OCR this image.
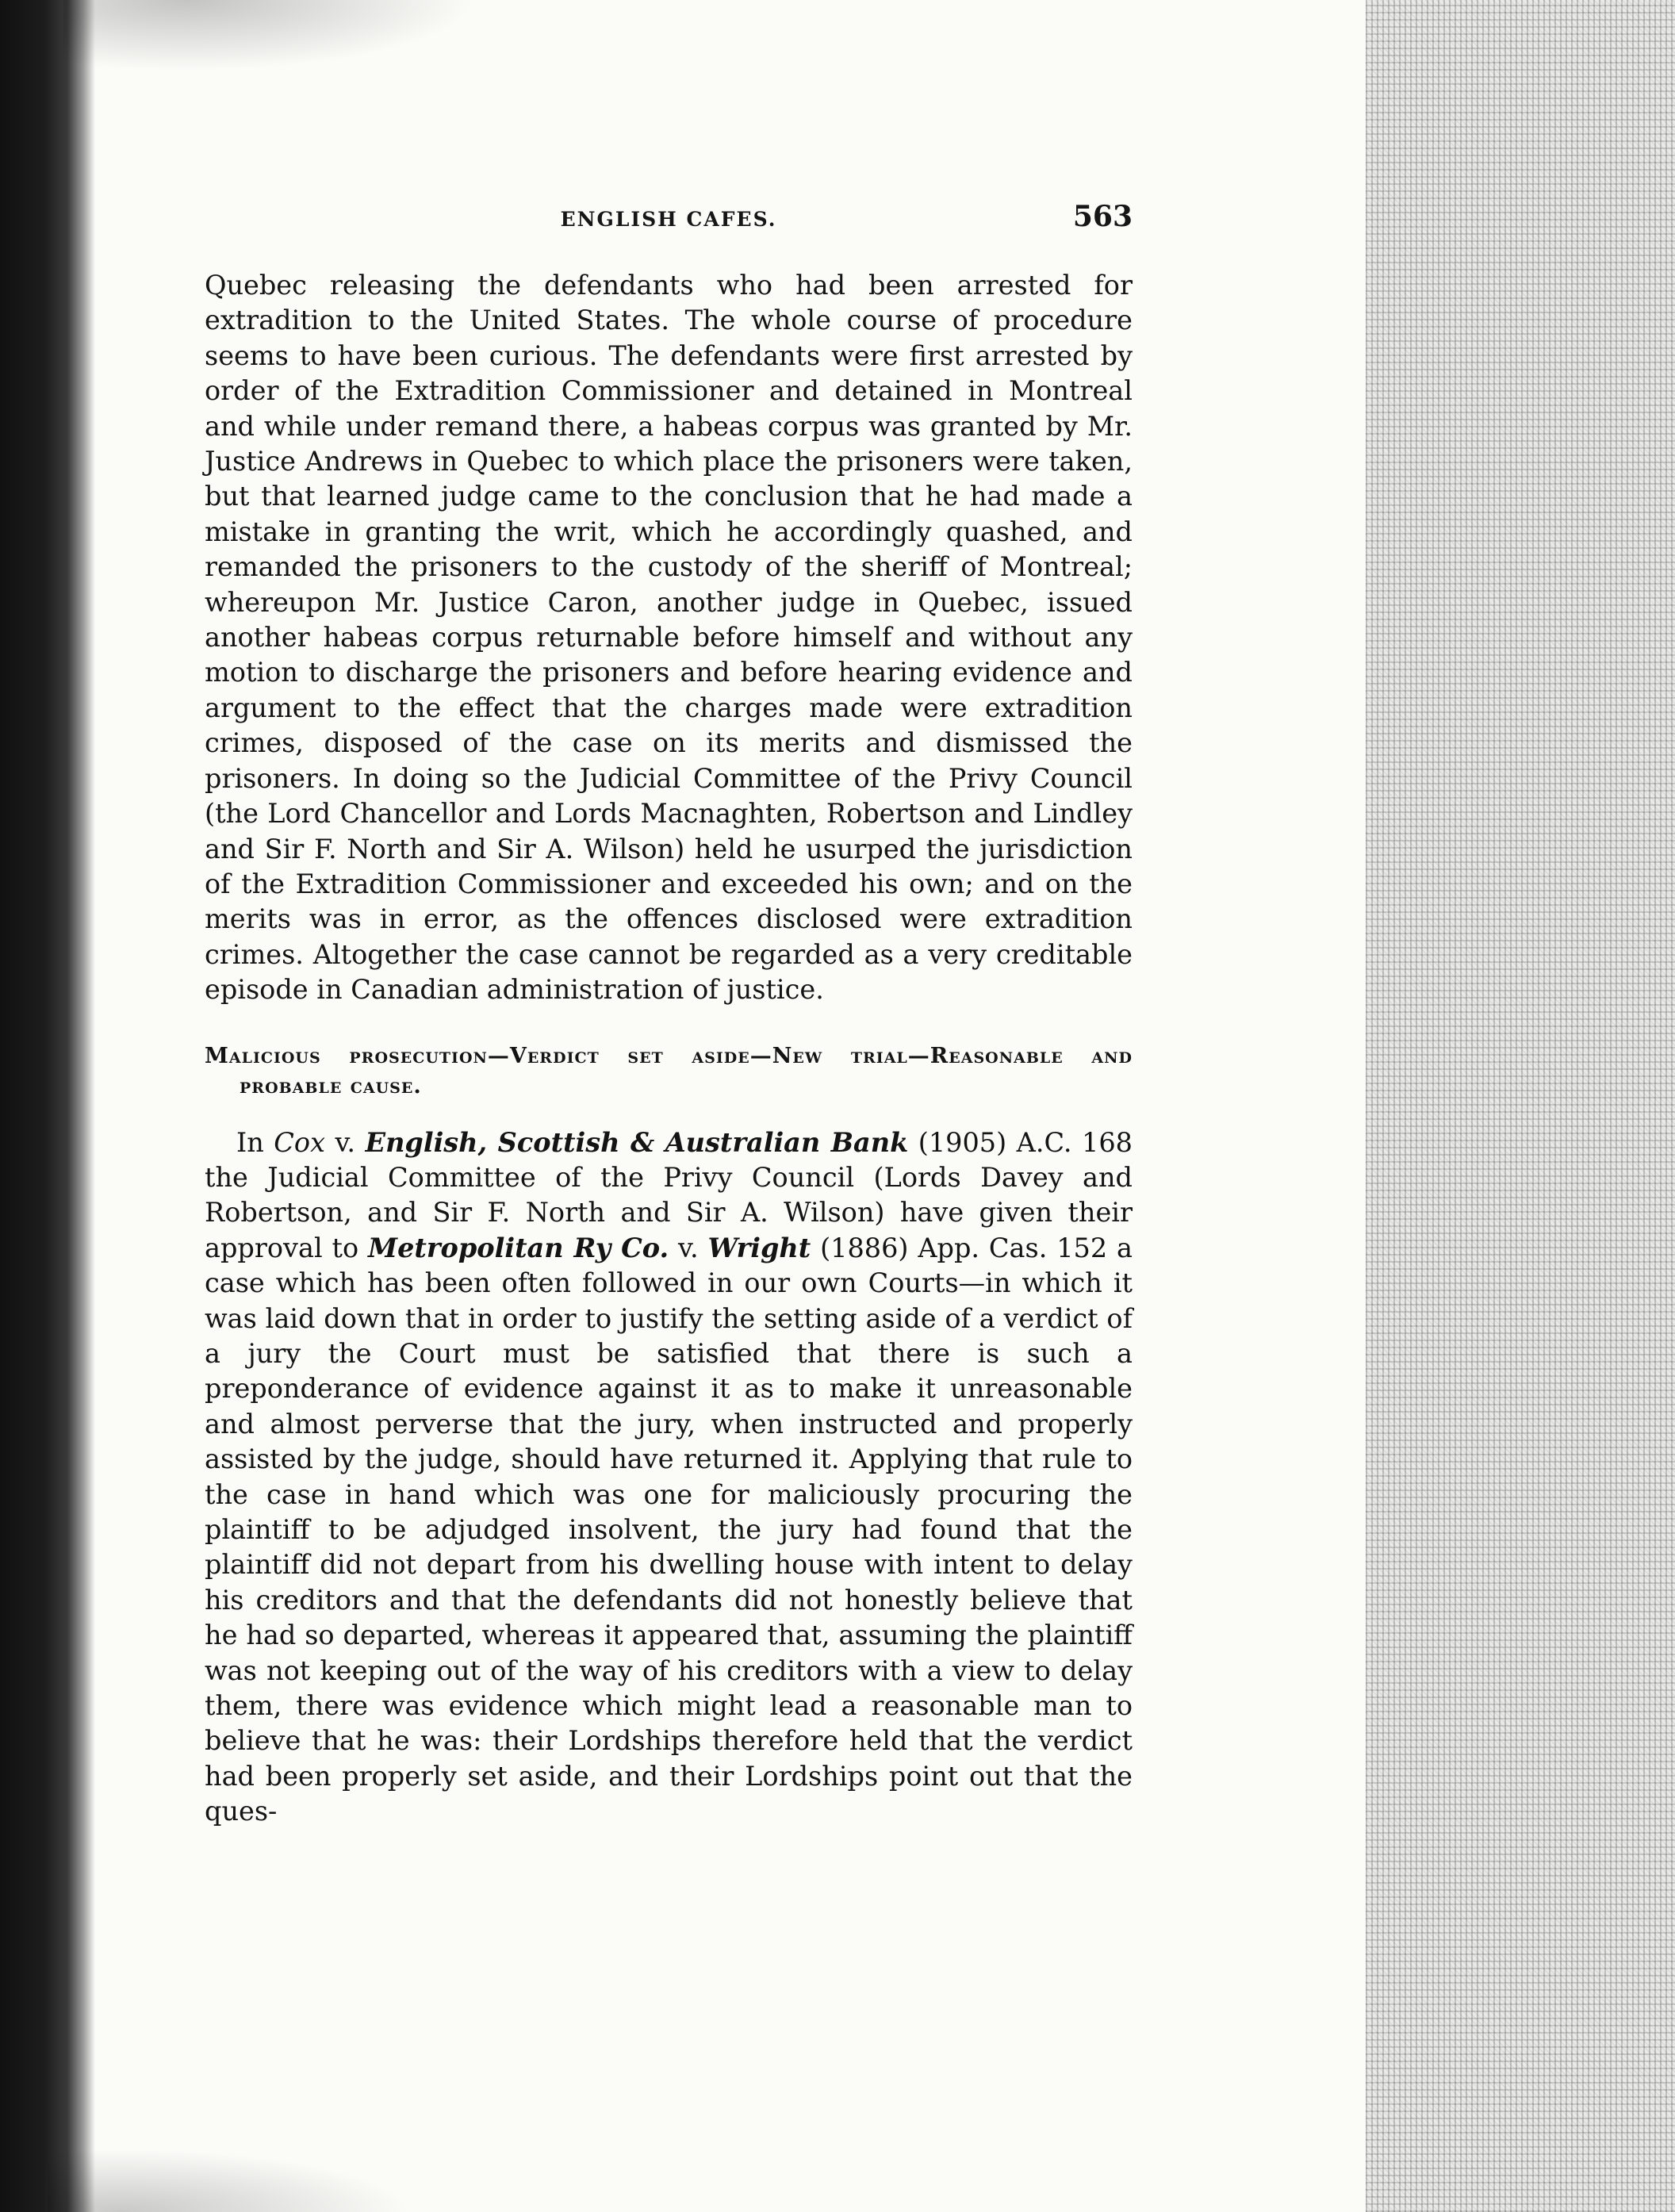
ENGLISH CAFES.	563

Quebec releasing the defendants who had been arrested for extradition to the United States. The whole course of procedure seems to have been curious. The defendants were first arrested by order of the Extradition Commissioner and detained in Montreal and while under remand there, a habeas corpus was granted by Mr. Justice Andrews in Quebec to which place the prisoners were taken, but that learned judge came to the conclusion that he had made a mistake in granting the writ, which he accordingly quashed, and remanded the prisoners to the custody of the sheriff of Montreal; whereupon Mr. Justice Caron, another judge in Quebec, issued another habeas corpus returnable before himself and without any motion to discharge the prisoners and before hearing evidence and argument to the effect that the charges made were extradition crimes, disposed of the case on its merits and dismissed the prisoners. In doing so the Judicial Committee of the Privy Council (the Lord Chancellor and Lords Macnaghten, Robertson and Lindley and Sir F. North and Sir A. Wilson) held he usurped the jurisdiction of the Extradition Commissioner and exceeded his own; and on the merits was in error, as the offences disclosed were extradition crimes. Altogether the case cannot be regarded as a very creditable episode in Canadian administration of justice.

Malicious prosecution—Verdict set aside—New trial—Reasonable and probable cause.

In Cox v. English, Scottish & Australian Bank (1905) A.C. 168 the Judicial Committee of the Privy Council (Lords Davey and Robertson, and Sir F. North and Sir A. Wilson) have given their approval to Metropolitan Ry Co. v. Wright (1886) App. Cas. 152 a case which has been often followed in our own Courts—in which it was laid down that in order to justify the setting aside of a verdict of a jury the Court must be satisfied that there is such a preponderance of evidence against it as to make it unreasonable and almost perverse that the jury, when instructed and properly assisted by the judge, should have returned it. Applying that rule to the case in hand which was one for maliciously procuring the plaintiff to be adjudged insolvent, the jury had found that the plaintiff did not depart from his dwelling house with intent to delay his creditors and that the defendants did not honestly believe that he had so departed, whereas it appeared that, assuming the plaintiff was not keeping out of the way of his creditors with a view to delay them, there was evidence which might lead a reasonable man to believe that he was: their Lordships therefore held that the verdict had been properly set aside, and their Lordships point out that the ques-
